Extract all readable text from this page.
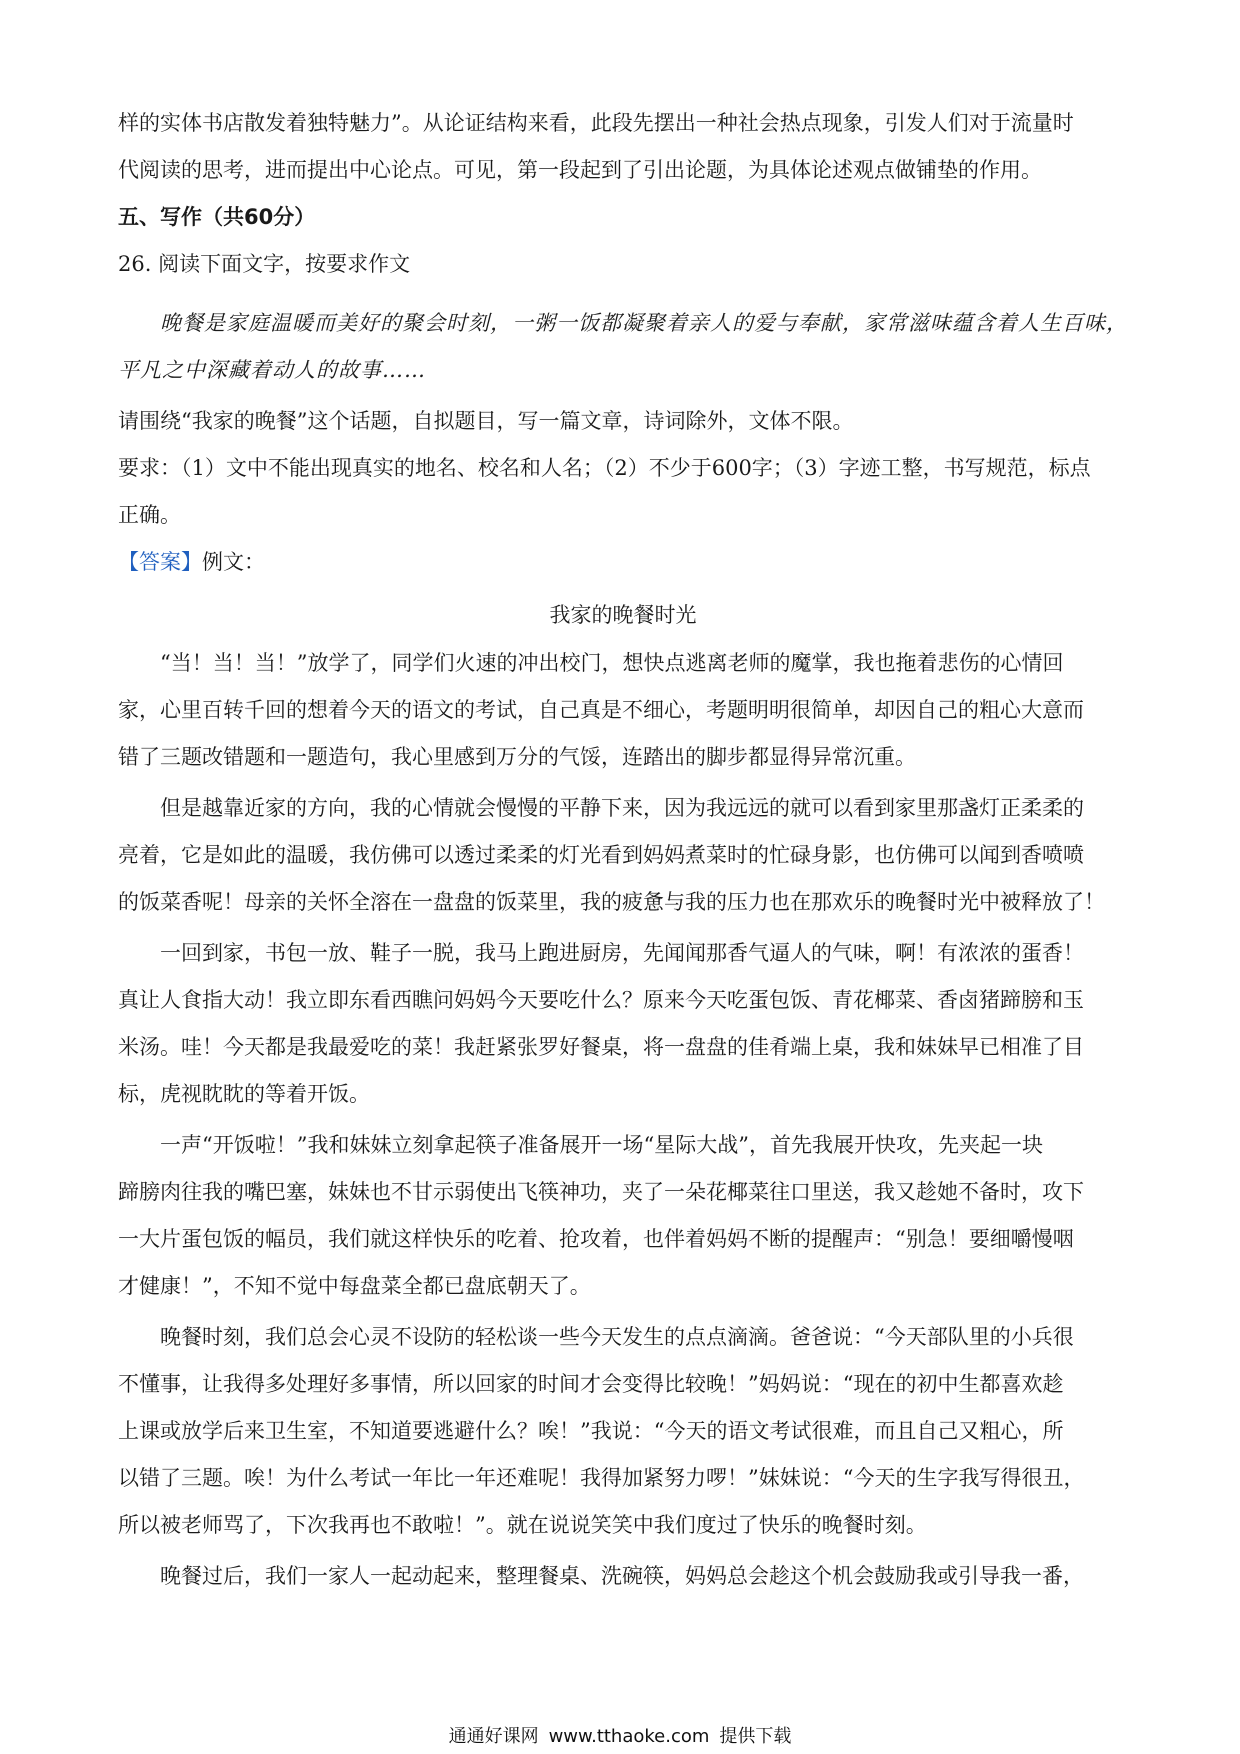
样的实体书店散发着独特魅力”。从论证结构来看，此段先摆出一种社会热点现象，引发人们对于流量时

代阅读的思考，进而提出中心论点。可见，第一段起到了引出论题，为具体论述观点做铺垫的作用。

五、写作（共60分）

26. 阅读下面文字，按要求作文

晚餐是家庭温暖而美好的聚会时刻，一粥一饭都凝聚着亲人的爱与奉献，家常滋味蕴含着人生百味，

平凡之中深藏着动人的故事……

请围绕“我家的晚餐”这个话题，自拟题目，写一篇文章，诗词除外，文体不限。

要求：（1）文中不能出现真实的地名、校名和人名；（2）不少于600字；（3）字迹工整，书写规范，标点

正确。

【答案】例文：

我家的晚餐时光

“当！当！当！”放学了，同学们火速的冲出校门，想快点逃离老师的魔掌，我也拖着悲伤的心情回

家，心里百转千回的想着今天的语文的考试，自己真是不细心，考题明明很简单，却因自己的粗心大意而

错了三题改错题和一题造句，我心里感到万分的气馁，连踏出的脚步都显得异常沉重。

但是越靠近家的方向，我的心情就会慢慢的平静下来，因为我远远的就可以看到家里那盏灯正柔柔的

亮着，它是如此的温暖，我仿佛可以透过柔柔的灯光看到妈妈煮菜时的忙碌身影，也仿佛可以闻到香喷喷

的饭菜香呢！母亲的关怀全溶在一盘盘的饭菜里，我的疲惫与我的压力也在那欢乐的晚餐时光中被释放了！

一回到家，书包一放、鞋子一脱，我马上跑进厨房，先闻闻那香气逼人的气味，啊！有浓浓的蛋香！

真让人食指大动！我立即东看西瞧问妈妈今天要吃什么？原来今天吃蛋包饭、青花椰菜、香卤猪蹄膀和玉

米汤。哇！今天都是我最爱吃的菜！我赶紧张罗好餐桌，将一盘盘的佳肴端上桌，我和妹妹早已相准了目

标，虎视眈眈的等着开饭。

一声“开饭啦！”我和妹妹立刻拿起筷子准备展开一场“星际大战”，首先我展开快攻，先夹起一块

蹄膀肉往我的嘴巴塞，妹妹也不甘示弱使出飞筷神功，夹了一朵花椰菜往口里送，我又趁她不备时，攻下

一大片蛋包饭的幅员，我们就这样快乐的吃着、抢攻着，也伴着妈妈不断的提醒声：“别急！要细嚼慢咽

才健康！”，不知不觉中每盘菜全都已盘底朝天了。

晚餐时刻，我们总会心灵不设防的轻松谈一些今天发生的点点滴滴。爸爸说：“今天部队里的小兵很

不懂事，让我得多处理好多事情，所以回家的时间才会变得比较晚！”妈妈说：“现在的初中生都喜欢趁

上课或放学后来卫生室，不知道要逃避什么？唉！”我说：“今天的语文考试很难，而且自己又粗心，所

以错了三题。唉！为什么考试一年比一年还难呢！我得加紧努力啰！”妹妹说：“今天的生字我写得很丑，

所以被老师骂了，下次我再也不敢啦！”。就在说说笑笑中我们度过了快乐的晚餐时刻。

晚餐过后，我们一家人一起动起来，整理餐桌、洗碗筷，妈妈总会趁这个机会鼓励我或引导我一番，

通通好课网 www.tthaoke.com 提供下载
